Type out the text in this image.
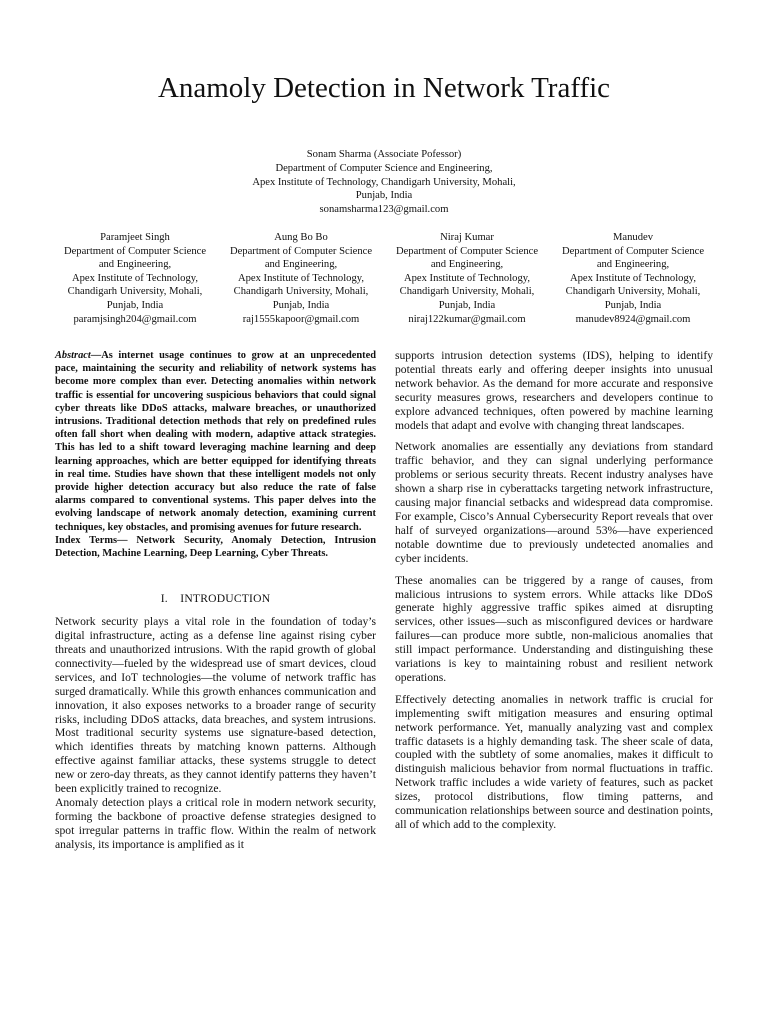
Anamoly Detection in Network Traffic
Sonam Sharma (Associate Pofessor)
Department of Computer Science and Engineering,
Apex Institute of Technology, Chandigarh University, Mohali,
Punjab, India
sonamsharma123@gmail.com
Paramjeet Singh
Department of Computer Science
and Engineering,
Apex Institute of Technology,
Chandigarh University, Mohali,
Punjab, India
paramjsingh204@gmail.com
Aung Bo Bo
Department of Computer Science
and Engineering,
Apex Institute of Technology,
Chandigarh University, Mohali,
Punjab, India
raj1555kapoor@gmail.com
Niraj Kumar
Department of Computer Science
and Engineering,
Apex Institute of Technology,
Chandigarh University, Mohali,
Punjab, India
niraj122kumar@gmail.com
Manudev
Department of Computer Science
and Engineering,
Apex Institute of Technology,
Chandigarh University, Mohali,
Punjab, India
manudev8924@gmail.com

Abstract—As internet usage continues to grow at an unprecedented pace, maintaining the security and reliability of network systems has become more complex than ever. Detecting anomalies within network traffic is essential for uncovering suspicious behaviors that could signal cyber threats like DDoS attacks, malware breaches, or unauthorized intrusions. Traditional detection methods that rely on predefined rules often fall short when dealing with modern, adaptive attack strategies. This has led to a shift toward leveraging machine learning and deep learning approaches, which are better equipped for identifying threats in real time. Studies have shown that these intelligent models not only provide higher detection accuracy but also reduce the rate of false alarms compared to conventional systems. This paper delves into the evolving landscape of network anomaly detection, examining current techniques, key obstacles, and promising avenues for future research.

Index Terms— Network Security, Anomaly Detection, Intrusion Detection, Machine Learning, Deep Learning, Cyber Threats.

I. INTRODUCTION

Network security plays a vital role in the foundation of today’s digital infrastructure, acting as a defense line against rising cyber threats and unauthorized intrusions. With the rapid growth of global connectivity—fueled by the widespread use of smart devices, cloud services, and IoT technologies—the volume of network traffic has surged dramatically. While this growth enhances communication and innovation, it also exposes networks to a broader range of security risks, including DDoS attacks, data breaches, and system intrusions. Most traditional security systems use signature-based detection, which identifies threats by matching known patterns. Although effective against familiar attacks, these systems struggle to detect new or zero-day threats, as they cannot identify patterns they haven’t been explicitly trained to recognize.

Anomaly detection plays a critical role in modern network security, forming the backbone of proactive defense strategies designed to spot irregular patterns in traffic flow. Within the realm of network analysis, its importance is amplified as it

supports intrusion detection systems (IDS), helping to identify potential threats early and offering deeper insights into unusual network behavior. As the demand for more accurate and responsive security measures grows, researchers and developers continue to explore advanced techniques, often powered by machine learning models that adapt and evolve with changing threat landscapes.

Network anomalies are essentially any deviations from standard traffic behavior, and they can signal underlying performance problems or serious security threats. Recent industry analyses have shown a sharp rise in cyberattacks targeting network infrastructure, causing major financial setbacks and widespread data compromise. For example, Cisco’s Annual Cybersecurity Report reveals that over half of surveyed organizations—around 53%—have experienced notable downtime due to previously undetected anomalies and cyber incidents.

These anomalies can be triggered by a range of causes, from malicious intrusions to system errors. While attacks like DDoS generate highly aggressive traffic spikes aimed at disrupting services, other issues—such as misconfigured devices or hardware failures—can produce more subtle, non-malicious anomalies that still impact performance. Understanding and distinguishing these variations is key to maintaining robust and resilient network operations.

Effectively detecting anomalies in network traffic is crucial for implementing swift mitigation measures and ensuring optimal network performance. Yet, manually analyzing vast and complex traffic datasets is a highly demanding task. The sheer scale of data, coupled with the subtlety of some anomalies, makes it difficult to distinguish malicious behavior from normal fluctuations in traffic. Network traffic includes a wide variety of features, such as packet sizes, protocol distributions, flow timing patterns, and communication relationships between source and destination points, all of which add to the complexity.
